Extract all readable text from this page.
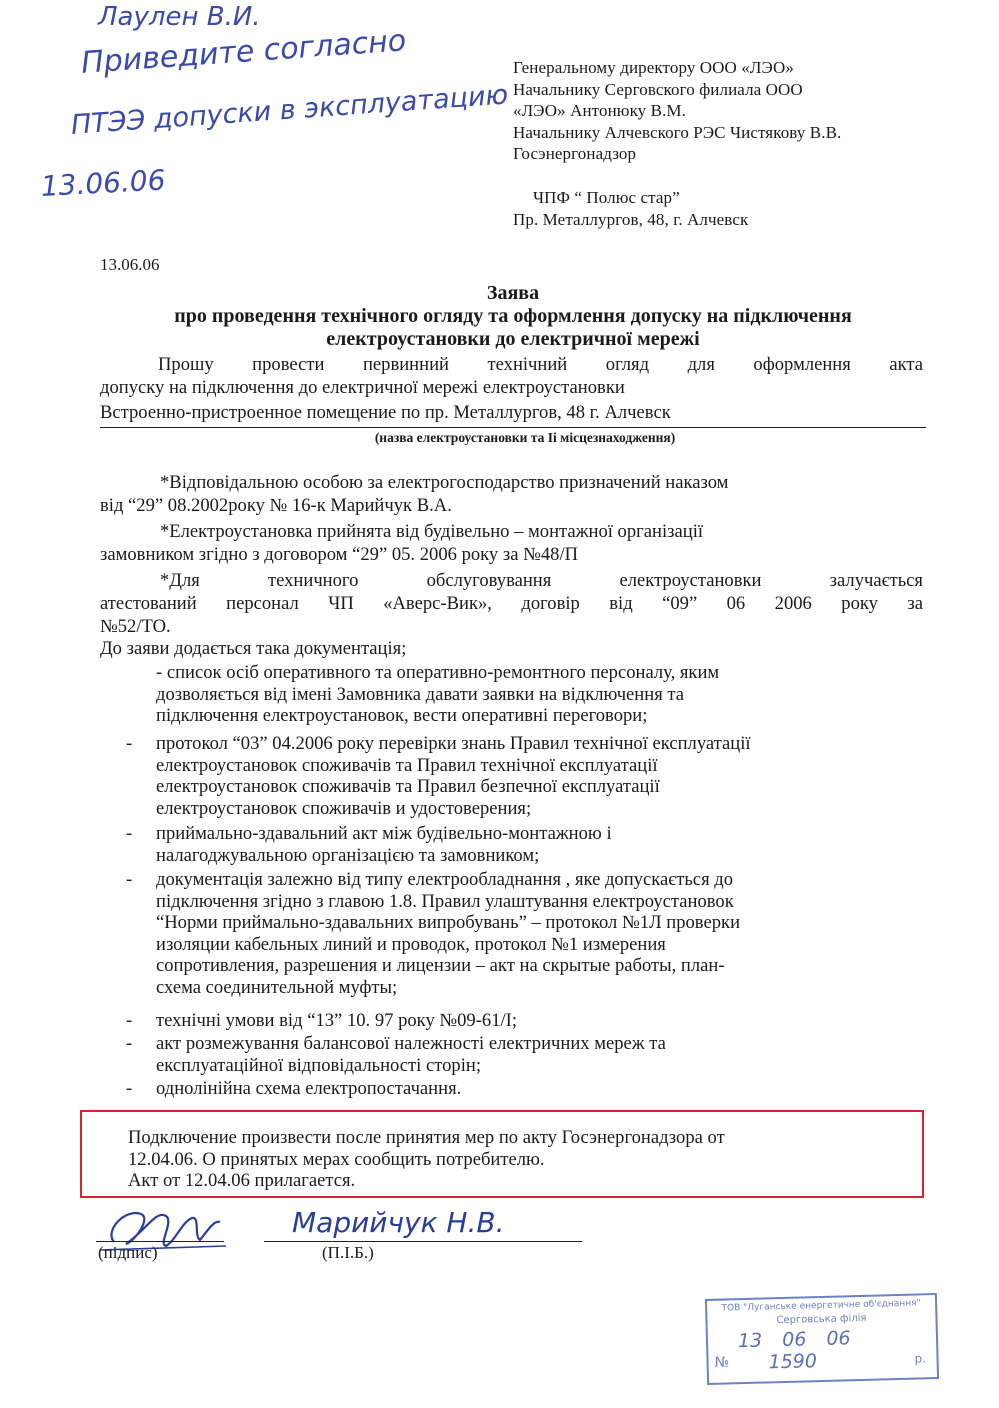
Лаулен В.И.
Приведите согласно
ПТЭЭ допуски в эксплуатацию
13.06.06
Генеральному директору ООО «ЛЭО»
Начальнику Серговского филиала ООО
«ЛЭО» Антонюку В.М.
Начальнику Алчевского РЭС Чистякову В.В.
Госэнергонадзор
ЧПФ “ Полюс стар”
Пр. Металлургов, 48, г. Алчевск
13.06.06
Заява
про проведення технічного огляду та оформлення допуску на підключення
електроустановки до електричної мережі
Прошу провести первинний технічний огляд для оформлення акта
допуску на підключення до електричної мережі електроустановки
Встроенно-пристроенное помещение по пр. Металлургов, 48 г. Алчевск
(назва електроустановки та Іі місцезнаходження)
*Відповідальною особою за електрогосподарство призначений наказом
від “29” 08.2002року № 16-к Марийчук В.А.
*Електроустановка прийнята від будівельно – монтажної організації
замовником згідно з договором “29” 05. 2006 року за №48/П
*Для    техничного    обслуговування    електроустановки    залучається
атестований  персонал  ЧП  «Аверс-Вик»,  договір  від  “09”  06  2006  року  за
№52/ТО.
До заяви додається така документація;
- список осіб оперативного та оперативно-ремонтного персоналу, яким
дозволяється від імені Замовника давати заявки на відключення та
підключення електроустановок, вести оперативні переговори;
- протокол “03” 04.2006 року перевірки знань Правил технічної експлуатації
електроустановок споживачів та Правил технічної експлуатації
електроустановок споживачів та Правил безпечної експлуатації
електроустановок споживачів и удостоверения;
- приймально-здавальний акт між будівельно-монтажною і
налагоджувальною організацією та замовником;
- документація залежно від типу електрообладнання , яке допускається до
підключення згідно з главою 1.8. Правил улаштування електроустановок
“Норми приймально-здавальних випробувань” – протокол №1Л проверки
изоляции кабельных линий и проводок, протокол №1 измерения
сопротивления, разрешения и лицензии – акт на скрытые работы, план-
схема соединительной муфты;
- технічні умови від “13” 10. 97 року №09-61/І;
- акт розмежування балансової належності електричних мереж та
експлуатаційної відповідальності сторін;
- однолінійна схема електропостачання.
Подключение произвести после принятия мер по акту Госэнергонадзора от
12.04.06. О принятых мерах сообщить потребителю.
Акт от 12.04.06 прилагается.
(підпис)
Марийчук Н.В.
(П.І.Б.)
ТОВ "Луганське енергетичне об'єднання"
Серговська філія
13 06 06
№ 1590	р.
